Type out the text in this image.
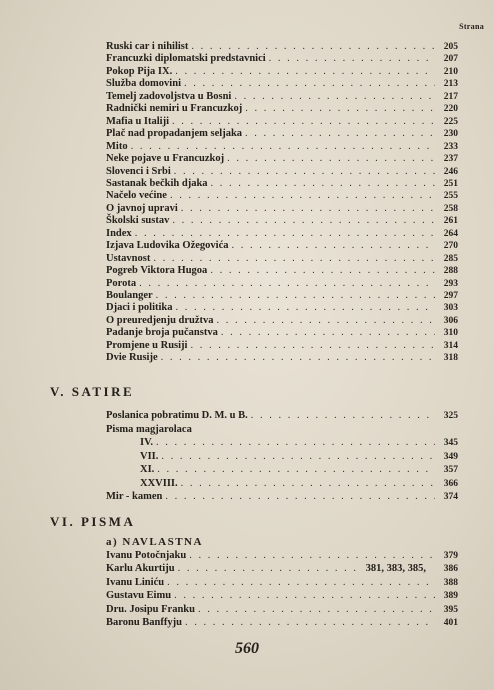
Strana
Ruski car i nihilist . . .	205
Francuzki diplomatski predstavnici . . .	207
Pokop Pija IX. . . .	210
Služba domovini . . .	213
Temelj zadovoljstva u Bosni . . .	217
Radnički nemiri u Francuzkoj . . .	220
Mafia u Italiji . . .	225
Plač nad propadanjem seljaka . . .	230
Mito . . .	233
Neke pojave u Francuzkoj . . .	237
Slovenci i Srbi . . .	246
Sastanak bečkih djaka . . .	251
Načelo većine . . .	255
O javnoj upravi . . .	258
Školski sustav . . .	261
Index . . .	264
Izjava Ludovika Ožegovića . . .	270
Ustavnost . . .	285
Pogreb Viktora Hugoa . . .	288
Porota . . .	293
Boulanger . . .	297
Djaci i politika . . .	303
O preuredjenju družtva . . .	306
Padanje broja pučanstva . . .	310
Promjene u Rusiji . . .	314
Dvie Rusije . . .	318
V. SATIRE
Poslanica pobratimu D. M. u B. . . .	325
Pisma magjarolaca
IV. . . .	345
VII. . . .	349
XI. . . .	357
XXVIII. . . .	366
Mir - kamen . . .	374
VI. PISMA
a) NAVLASTNA
Ivanu Potočnjaku . . .	379
Karlu Akurtiju . . .	381, 383, 385,	386
Ivanu Liniću . . .	388
Gustavu Eimu . . .	389
Dru. Josipu Franku . . .	395
Baronu Banffyju . . .	401
560
